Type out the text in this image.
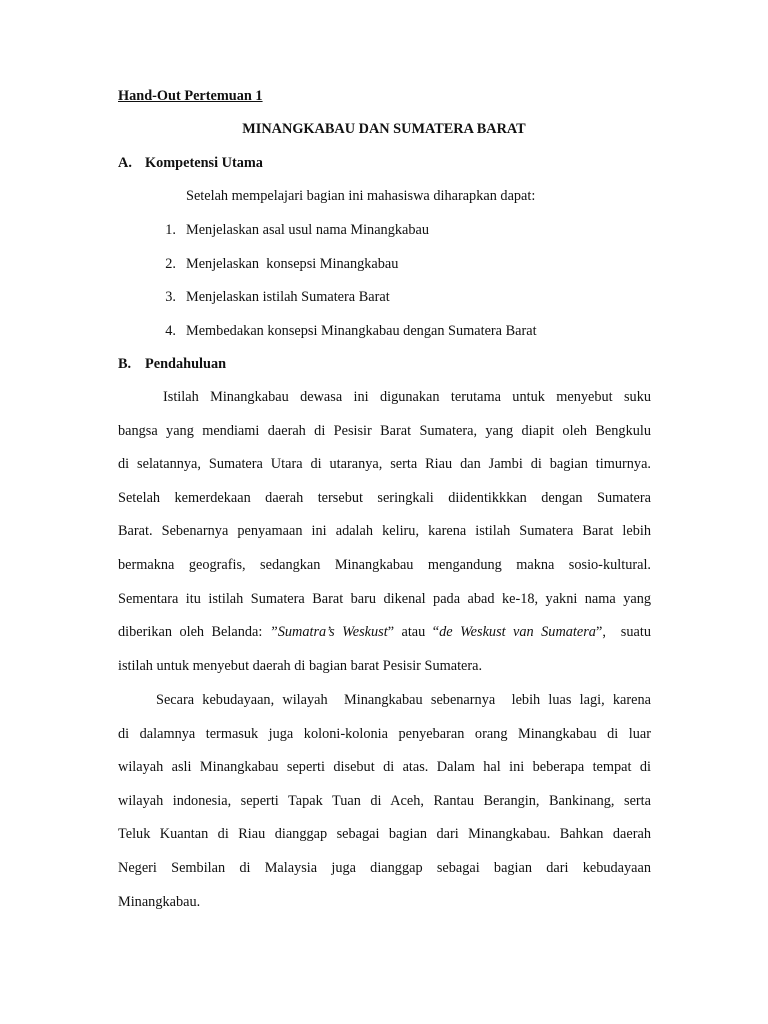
Hand-Out Pertemuan 1
MINANGKABAU DAN SUMATERA BARAT
A. Kompetensi Utama
Setelah mempelajari bagian ini mahasiswa diharapkan dapat:
1. Menjelaskan asal usul nama Minangkabau
2. Menjelaskan  konsepsi Minangkabau
3. Menjelaskan istilah Sumatera Barat
4. Membedakan konsepsi Minangkabau dengan Sumatera Barat
B. Pendahuluan
Istilah Minangkabau dewasa ini digunakan terutama untuk menyebut suku
bangsa yang mendiami daerah di Pesisir Barat Sumatera, yang diapit oleh Bengkulu
di selatannya, Sumatera Utara di utaranya, serta Riau dan Jambi di bagian timurnya.
Setelah kemerdekaan daerah tersebut seringkali diidentikkkan dengan Sumatera
Barat. Sebenarnya penyamaan ini adalah keliru, karena istilah Sumatera Barat lebih
bermakna geografis, sedangkan Minangkabau mengandung makna sosio-kultural.
Sementara itu istilah Sumatera Barat baru dikenal pada abad ke-18, yakni nama yang
diberikan oleh Belanda: ”Sumatra’s Weskust” atau “de Weskust van Sumatera”,  suatu
istilah untuk menyebut daerah di bagian barat Pesisir Sumatera.
Secara kebudayaan, wilayah  Minangkabau sebenarnya  lebih luas lagi, karena
di dalamnya termasuk juga koloni-kolonia penyebaran orang Minangkabau di luar
wilayah asli Minangkabau seperti disebut di atas. Dalam hal ini beberapa tempat di
wilayah indonesia, seperti Tapak Tuan di Aceh, Rantau Berangin, Bankinang, serta
Teluk Kuantan di Riau dianggap sebagai bagian dari Minangkabau. Bahkan daerah
Negeri Sembilan di Malaysia juga dianggap sebagai bagian dari kebudayaan
Minangkabau.
